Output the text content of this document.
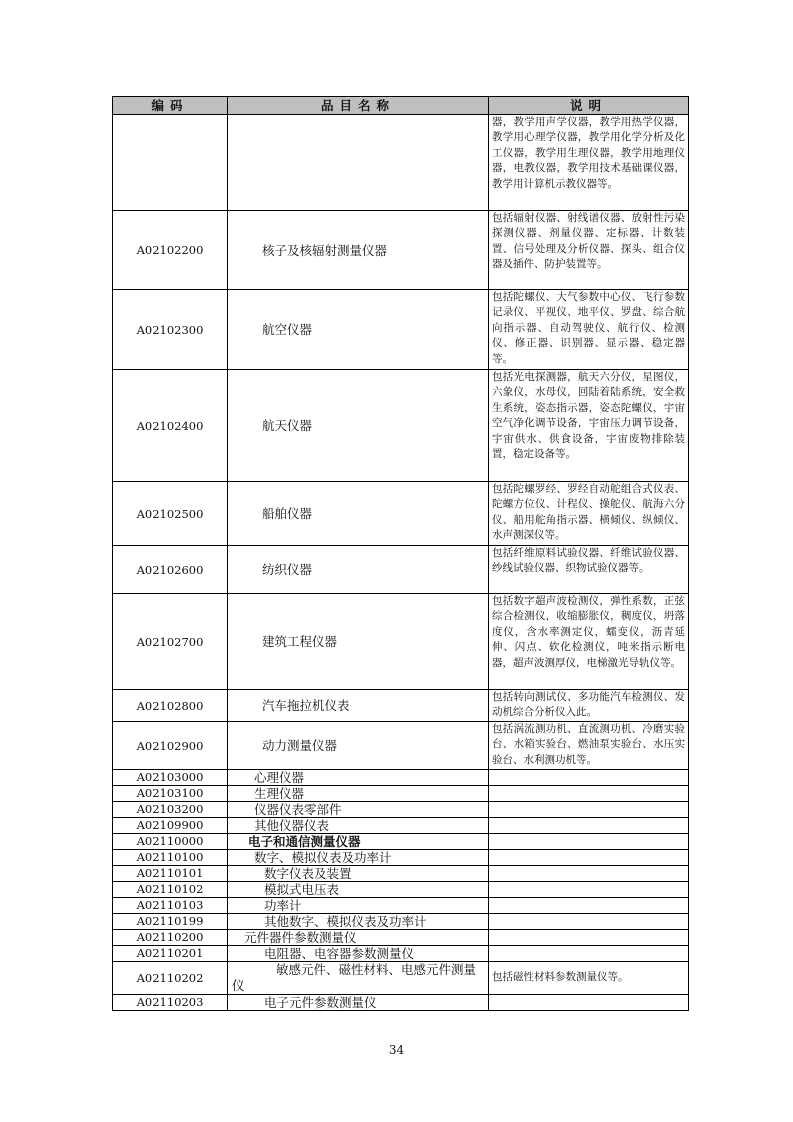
编码	品目名称	说明
		器，教学用声学仪器，教学用热学仪器，教学用心理学仪器，教学用化学分析及化工仪器，教学用生理仪器，教学用地理仪器，电教仪器，教学用技术基础课仪器，教学用计算机示教仪器等。
A02102200	核子及核辐射测量仪器	包括辐射仪器、射线谱仪器、放射性污染探测仪器、剂量仪器、定标器、计数装置、信号处理及分析仪器、探头、组合仪器及插件、防护装置等。
A02102300	航空仪器	包括陀螺仪、大气参数中心仪、飞行参数记录仪、平视仪、地平仪、罗盘、综合航向指示器、自动驾驶仪、航行仪、检测仪、修正器、识别器、显示器、稳定器等。
A02102400	航天仪器	包括光电探测器，航天六分仪，星图仪，六象仪，水母仪，回陆着陆系统，安全救生系统，姿态指示器，姿态陀螺仪，宇宙空气净化调节设备，宇宙压力调节设备，宇宙供水、供食设备，宇宙废物排除装置，稳定设备等。
A02102500	船舶仪器	包括陀螺罗经、罗经自动舵组合式仪表、陀螺方位仪、计程仪、操舵仪、航海六分仪、船用舵角指示器、横倾仪、纵倾仪、水声测深仪等。
A02102600	纺织仪器	包括纤维原料试验仪器、纤维试验仪器、纱线试验仪器、织物试验仪器等。
A02102700	建筑工程仪器	包括数字超声波检测仪，弹性系数，正弦综合检测仪，收缩膨胀仪，稠度仪，坍落度仪，含水率测定仪，蠕变仪，沥青延伸、闪点、软化检测仪，吨米指示断电器，超声波测厚仪，电梯激光导轨仪等。
A02102800	汽车拖拉机仪表	包括转向测试仪、多功能汽车检测仪、发动机综合分析仪入此。
A02102900	动力测量仪器	包括涡流测功机、直流测功机、冷磨实验台、水箱实验台、燃油泵实验台、水压实验台、水利测功机等。
A02103000	心理仪器	
A02103100	生理仪器	
A02103200	仪器仪表零部件	
A02109900	其他仪器仪表	
A02110000	电子和通信测量仪器	
A02110100	数字、模拟仪表及功率计	
A02110101	数字仪表及装置	
A02110102	模拟式电压表	
A02110103	功率计	
A02110199	其他数字、模拟仪表及功率计	
A02110200	元件器件参数测量仪	
A02110201	电阻器、电容器参数测量仪	
A02110202	敏感元件、磁性材料、电感元件测量仪	包括磁性材料参数测量仪等。
A02110203	电子元件参数测量仪	
34
